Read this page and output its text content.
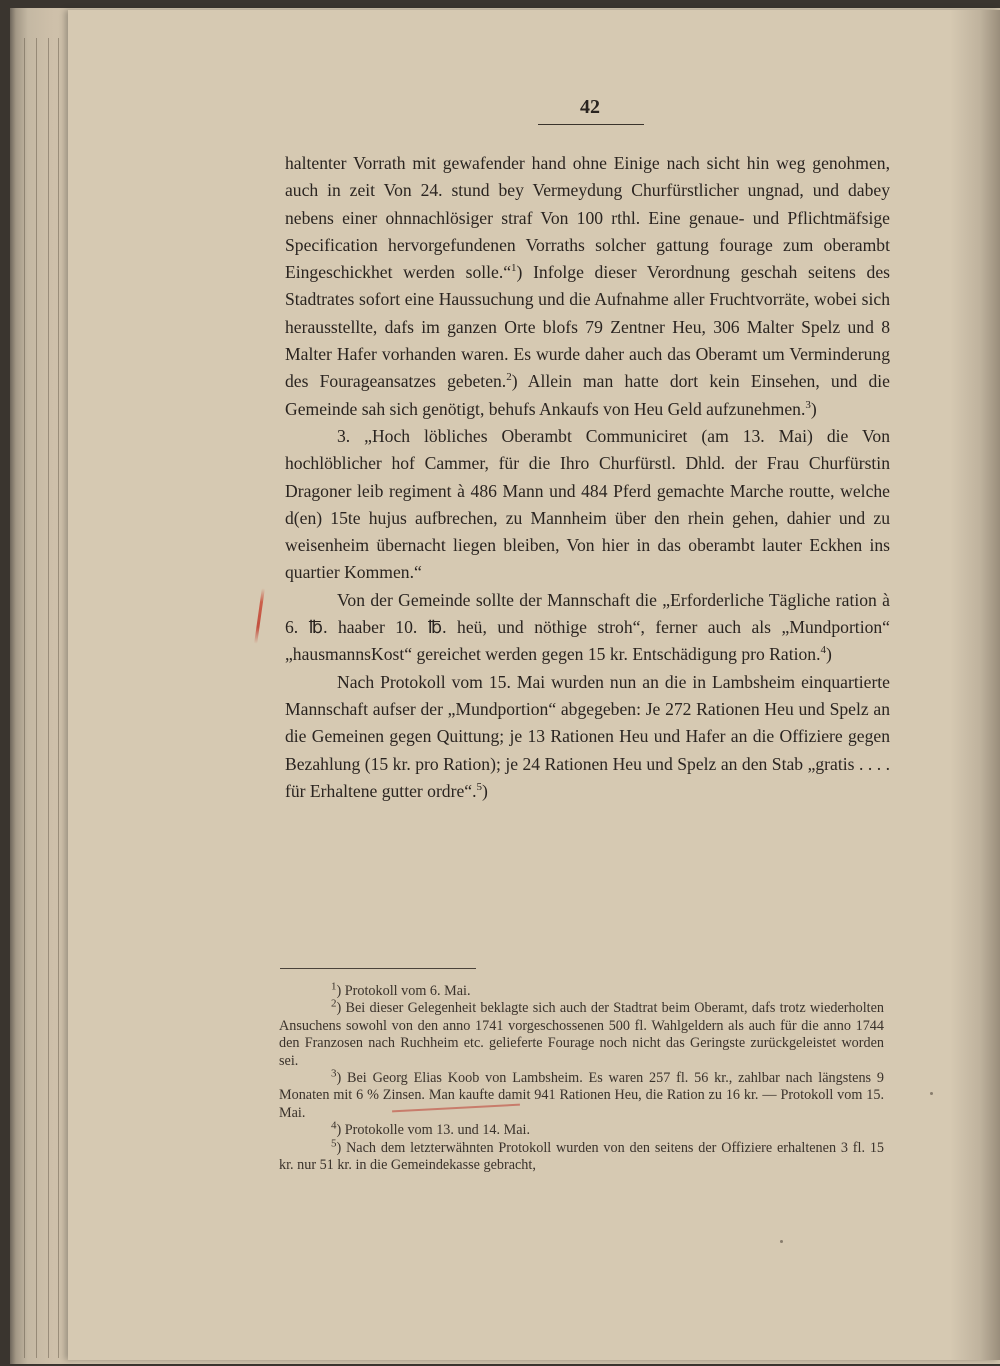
42

haltenter Vorrath mit gewafender hand ohne Einige nach sicht hin weg genohmen, auch in zeit Von 24. stund bey Vermeydung Churfürstlicher ungnad, und dabey nebens einer ohnnachlösiger straf Von 100 rthl. Eine genaue- und Pflichtmäfsige Specification hervorgefundenen Vorraths solcher gattung fourage zum oberambt Eingeschickhet werden solle.“$^1$) Infolge dieser Verordnung geschah seitens des Stadtrates sofort eine Haussuchung und die Aufnahme aller Fruchtvorräte, wobei sich herausstellte, dafs im ganzen Orte blofs 79 Zentner Heu, 306 Malter Spelz und 8 Malter Hafer vorhanden waren. Es wurde daher auch das Oberamt um Verminderung des Fourageansatzes gebeten.$^2$) Allein man hatte dort kein Einsehen, und die Gemeinde sah sich genötigt, behufs Ankaufs von Heu Geld aufzunehmen.$^3$)

3. „Hoch löbliches Oberambt Communiciret (am 13. Mai) die Von hochlöblicher hof Cammer, für die Ihro Churfürstl. Dhld. der Frau Churfürstin Dragoner leib regiment à 486 Mann und 484 Pferd gemachte Marche routte, welche d(en) 15te hujus aufbrechen, zu Mannheim über den rhein gehen, dahier und zu weisenheim übernacht liegen bleiben, Von hier in das oberambt lauter Eckhen ins quartier Kommen.“

Von der Gemeinde sollte der Mannschaft die „Erforderliche Tägliche ration à 6. ℔. haaber 10. ℔. heü, und nöthige stroh“, ferner auch als „Mundportion“ „hausmannsKost“ gereichet werden gegen 15 kr. Entschädigung pro Ration.$^4$)

Nach Protokoll vom 15. Mai wurden nun an die in Lambsheim einquartierte Mannschaft aufser der „Mundportion“ abgegeben: Je 272 Rationen Heu und Spelz an die Gemeinen gegen Quittung; je 13 Rationen Heu und Hafer an die Offiziere gegen Bezahlung (15 kr. pro Ration); je 24 Rationen Heu und Spelz an den Stab „gratis . . . . für Erhaltene gutter ordre“.$^5$)

$^1$) Protokoll vom 6. Mai.

$^2$) Bei dieser Gelegenheit beklagte sich auch der Stadtrat beim Oberamt, dafs trotz wiederholten Ansuchens sowohl von den anno 1741 vorgeschossenen 500 fl. Wahlgeldern als auch für die anno 1744 den Franzosen nach Ruchheim etc. gelieferte Fourage noch nicht das Geringste zurückgeleistet worden sei.

$^3$) Bei Georg Elias Koob von Lambsheim. Es waren 257 fl. 56 kr., zahlbar nach längstens 9 Monaten mit 6 % Zinsen. Man kaufte damit 941 Rationen Heu, die Ration zu 16 kr. — Protokoll vom 15. Mai.

$^4$) Protokolle vom 13. und 14. Mai.

$^5$) Nach dem letzterwähnten Protokoll wurden von den seitens der Offiziere erhaltenen 3 fl. 15 kr. nur 51 kr. in die Gemeindekasse gebracht,
